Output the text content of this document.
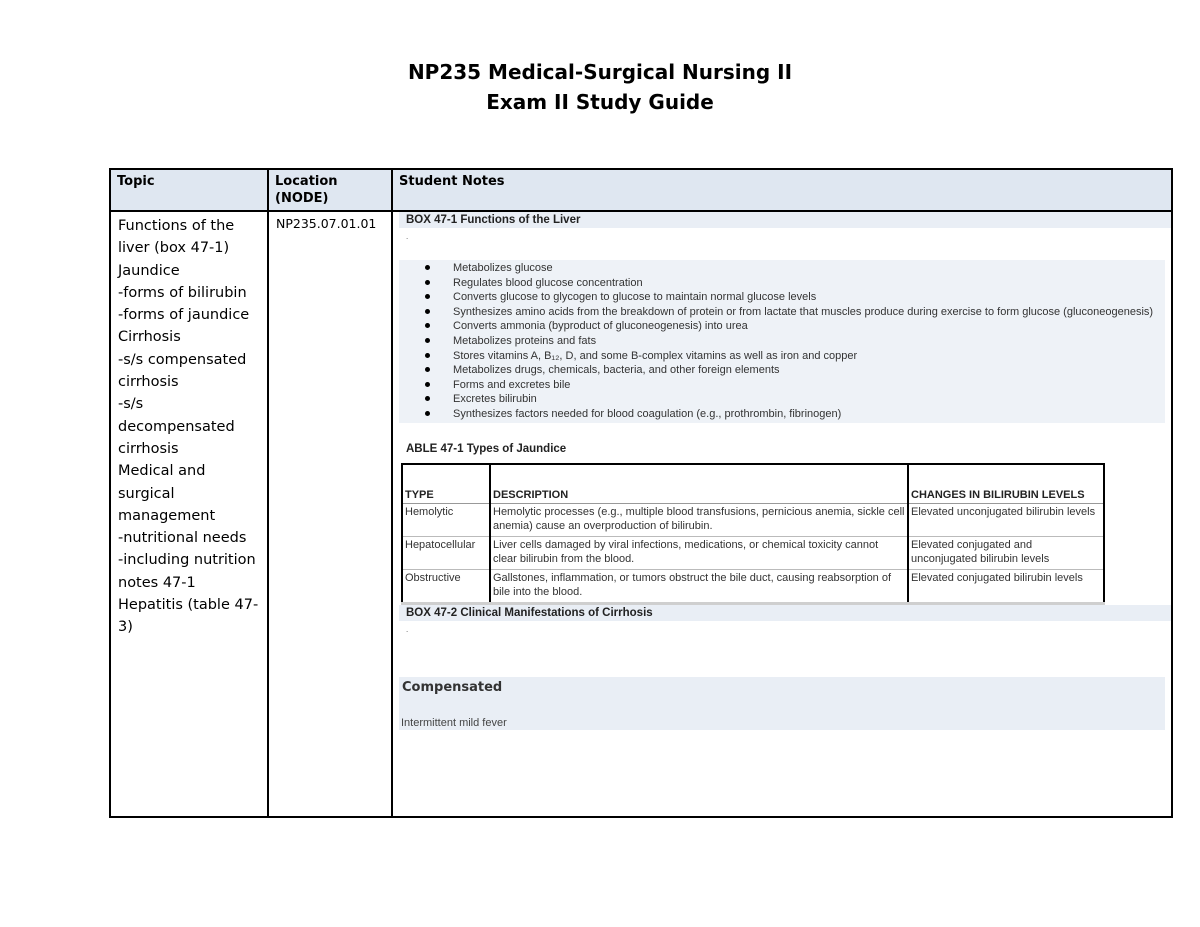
NP235 Medical-Surgical Nursing II
Exam II Study Guide
Topic	Location (NODE)	Student Notes

Functions of the liver (box 47-1)
Jaundice
-forms of bilirubin
-forms of jaundice
Cirrhosis
-s/s compensated cirrhosis
-s/s decompensated cirrhosis
Medical and surgical management
-nutritional needs
-including nutrition notes 47-1
Hepatitis (table 47-3)
	NP235.07.01.01	BOX 47-1 Functions of the Liver
.
Metabolizes glucose
Regulates blood glucose concentration
Converts glucose to glycogen to glucose to maintain normal glucose levels
Synthesizes amino acids from the breakdown of protein or from lactate that muscles produce during exercise to form glucose (gluconeogenesis)
Converts ammonia (byproduct of gluconeogenesis) into urea
Metabolizes proteins and fats
Stores vitamins A, B₁₂, D, and some B-complex vitamins as well as iron and copper
Metabolizes drugs, chemicals, bacteria, and other foreign elements
Forms and excretes bile
Excretes bilirubin
Synthesizes factors needed for blood coagulation (e.g., prothrombin, fibrinogen)
ABLE 47-1 Types of Jaundice
TYPE	DESCRIPTION	CHANGES IN BILIRUBIN LEVELS
Hemolytic	Hemolytic processes (e.g., multiple blood transfusions, pernicious anemia, sickle cell anemia) cause an overproduction of bilirubin.	Elevated unconjugated bilirubin levels
Hepatocellular	Liver cells damaged by viral infections, medications, or chemical toxicity cannot clear bilirubin from the blood.	Elevated conjugated and unconjugated bilirubin levels
Obstructive	Gallstones, inflammation, or tumors obstruct the bile duct, causing reabsorption of bile into the blood.	Elevated conjugated bilirubin levels
BOX 47-2 Clinical Manifestations of Cirrhosis
.
Compensated
Intermittent mild fever
